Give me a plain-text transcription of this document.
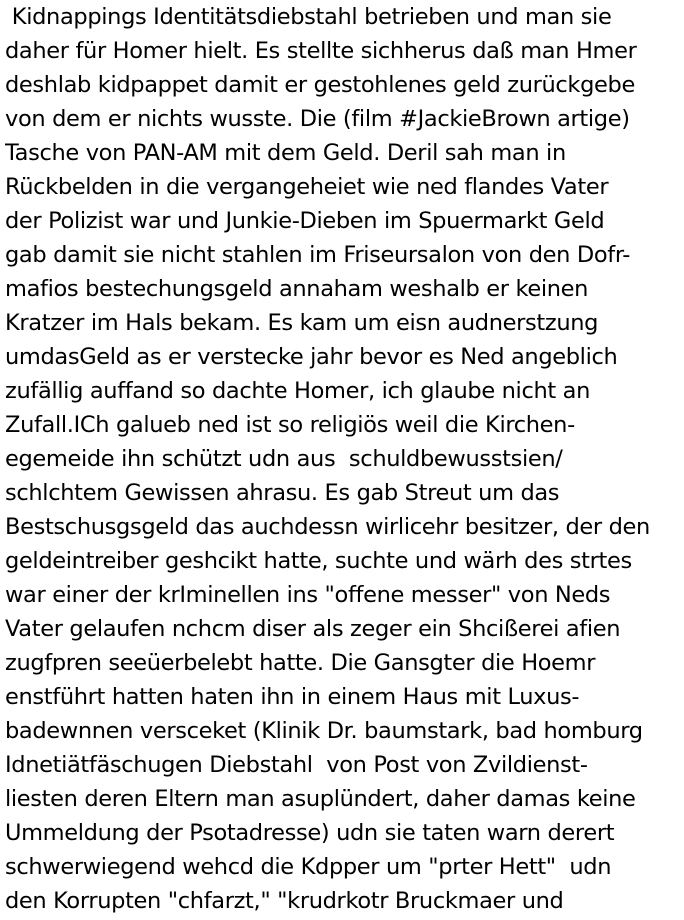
Kidnappings Identitätsdiebstahl betrieben und man sie
daher für Homer hielt. Es stellte sichherus daß man Hmer
deshlab kidpappet damit er gestohlenes geld zurückgebe
von dem er nichts wusste. Die (film #JackieBrown artige)
Tasche von PAN-AM mit dem Geld. Deril sah man in
Rückbelden in die vergangeheiet wie ned flandes Vater
der Polizist war und Junkie-Dieben im Spuermarkt Geld
gab damit sie nicht stahlen im Friseursalon von den Dofr-
mafios bestechungsgeld annaham weshalb er keinen
Kratzer im Hals bekam. Es kam um eisn audnerstzung
umdasGeld as er verstecke jahr bevor es Ned angeblich
zufällig auffand so dachte Homer, ich glaube nicht an
Zufall.ICh galueb ned ist so religiös weil die Kirchen-
egemeide ihn schützt udn aus  schuldbewusstsien/
schlchtem Gewissen ahrasu. Es gab Streut um das
Bestschusgsgeld das auchdessn wirlicehr besitzer, der den
geldeintreiber geshcikt hatte, suchte und wärh des strtes
war einer der krIminellen ins "offene messer" von Neds
Vater gelaufen nchcm diser als zeger ein Shcißerei afien
zugfpren seeüerbelebt hatte. Die Gansgter die Hoemr
enstführt hatten haten ihn in einem Haus mit Luxus-
badewnnen versceket (Klinik Dr. baumstark, bad homburg
Idnetiätfäschugen Diebstahl  von Post von Zvildienst-
liesten deren Eltern man asuplündert, daher damas keine
Ummeldung der Psotadresse) udn sie taten warn derert
schwerwiegend wehcd die Kdpper um "prter Hett"  udn
den Korrupten "chfarzt," "krudrkotr Bruckmaer und
